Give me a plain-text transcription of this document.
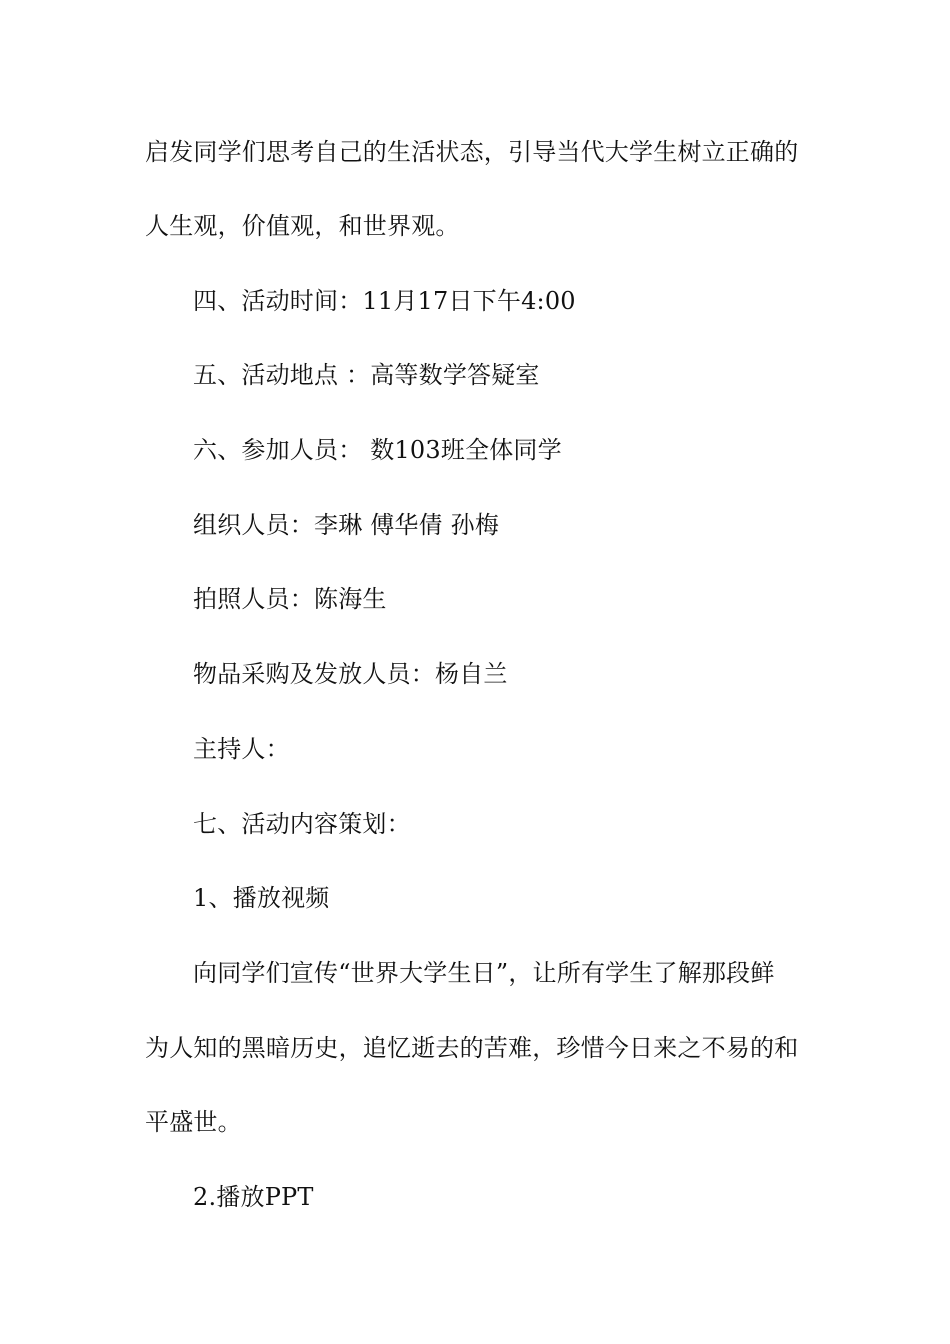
启发同学们思考自己的生活状态，引导当代大学生树立正确的
人生观，价值观，和世界观。
四、活动时间：11月17日下午4:00
五、活动地点 ：高等数学答疑室
六、参加人员： 数103班全体同学
组织人员：李琳 傅华倩 孙梅
拍照人员：陈海生
物品采购及发放人员：杨自兰
主持人：
七、活动内容策划：
1、播放视频
向同学们宣传“世界大学生日”，让所有学生了解那段鲜
为人知的黑暗历史，追忆逝去的苦难，珍惜今日来之不易的和
平盛世。
2.播放PPT
